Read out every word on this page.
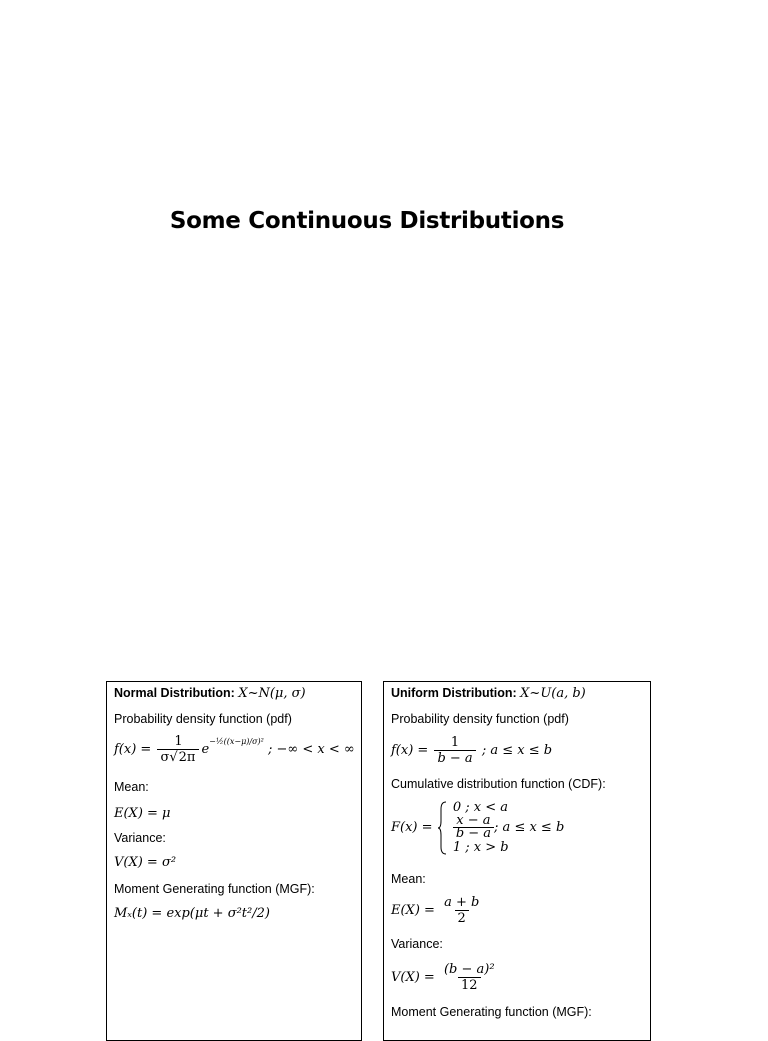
Some Continuous Distributions
Normal Distribution: X~N(μ, σ)
Probability density function (pdf)
$f(x) = \frac{1}{\sigma√2\pi} e^{-\frac{1}{2}((x-\mu)/\sigma)^2}$ ; −∞ < x < ∞
Mean:
E(X) = μ
Variance:
V(X) = σ²
Moment Generating function (MGF):
Mₓ(t) = exp(μt + σ²t²/2)
Uniform Distribution: X~U(a, b)
Probability density function (pdf)
$f(x) = \frac{1}{b - a}$ ; a ≤ x ≤ b
Cumulative distribution function (CDF):
F(x) =
0 ; x < a
$\frac{x - a}{b - a}$ ; a ≤ x ≤ b
1 ; x > b
Mean:
$E(X) = \frac{a + b}{2}$
Variance:
$V(X) = \frac{\text{(b − a)²}}{12}$
Moment Generating function (MGF):
